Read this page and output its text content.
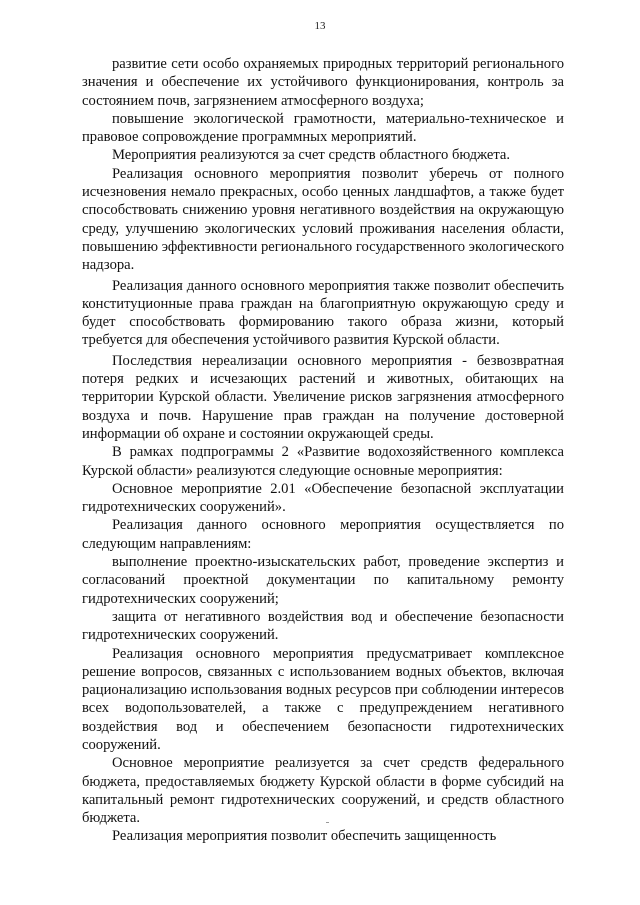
13

развитие сети особо охраняемых природных территорий регионального значения и обеспечение их устойчивого функционирования, контроль за состоянием почв, загрязнением атмосферного воздуха;

повышение экологической грамотности, материально-техническое и правовое сопровождение программных мероприятий.

Мероприятия реализуются за счет средств областного бюджета.

Реализация основного мероприятия позволит уберечь от полного исчезновения немало прекрасных, особо ценных ландшафтов, а также будет способствовать снижению уровня негативного воздействия на окружающую среду, улучшению экологических условий проживания населения области, повышению эффективности регионального государственного экологического надзора.

Реализация данного основного мероприятия также позволит обеспечить конституционные права граждан на благоприятную окружающую среду и будет способствовать формированию такого образа жизни, который требуется для обеспечения устойчивого развития Курской области.

Последствия нереализации основного мероприятия - безвозвратная потеря редких и исчезающих растений и животных, обитающих на территории Курской области. Увеличение рисков загрязнения атмосферного воздуха и почв. Нарушение прав граждан на получение достоверной информации об охране и состоянии окружающей среды.

В рамках подпрограммы 2 «Развитие водохозяйственного комплекса Курской области» реализуются следующие основные мероприятия:

Основное мероприятие 2.01 «Обеспечение безопасной эксплуатации гидротехнических сооружений».

Реализация данного основного мероприятия осуществляется по следующим направлениям:

выполнение проектно-изыскательских работ, проведение экспертиз и согласований проектной документации по капитальному ремонту гидротехнических сооружений;

защита от негативного воздействия вод и обеспечение безопасности гидротехнических сооружений.

Реализация основного мероприятия предусматривает комплексное решение вопросов, связанных с использованием водных объектов, включая рационализацию использования водных ресурсов при соблюдении интересов всех водопользователей, а также с предупреждением негативного воздействия вод и обеспечением безопасности гидротехнических сооружений.

Основное мероприятие реализуется за счет средств федерального бюджета, предоставляемых бюджету Курской области в форме субсидий на капитальный ремонт гидротехнических сооружений, и средств областного бюджета.

Реализация мероприятия позволит обеспечить защищенность
